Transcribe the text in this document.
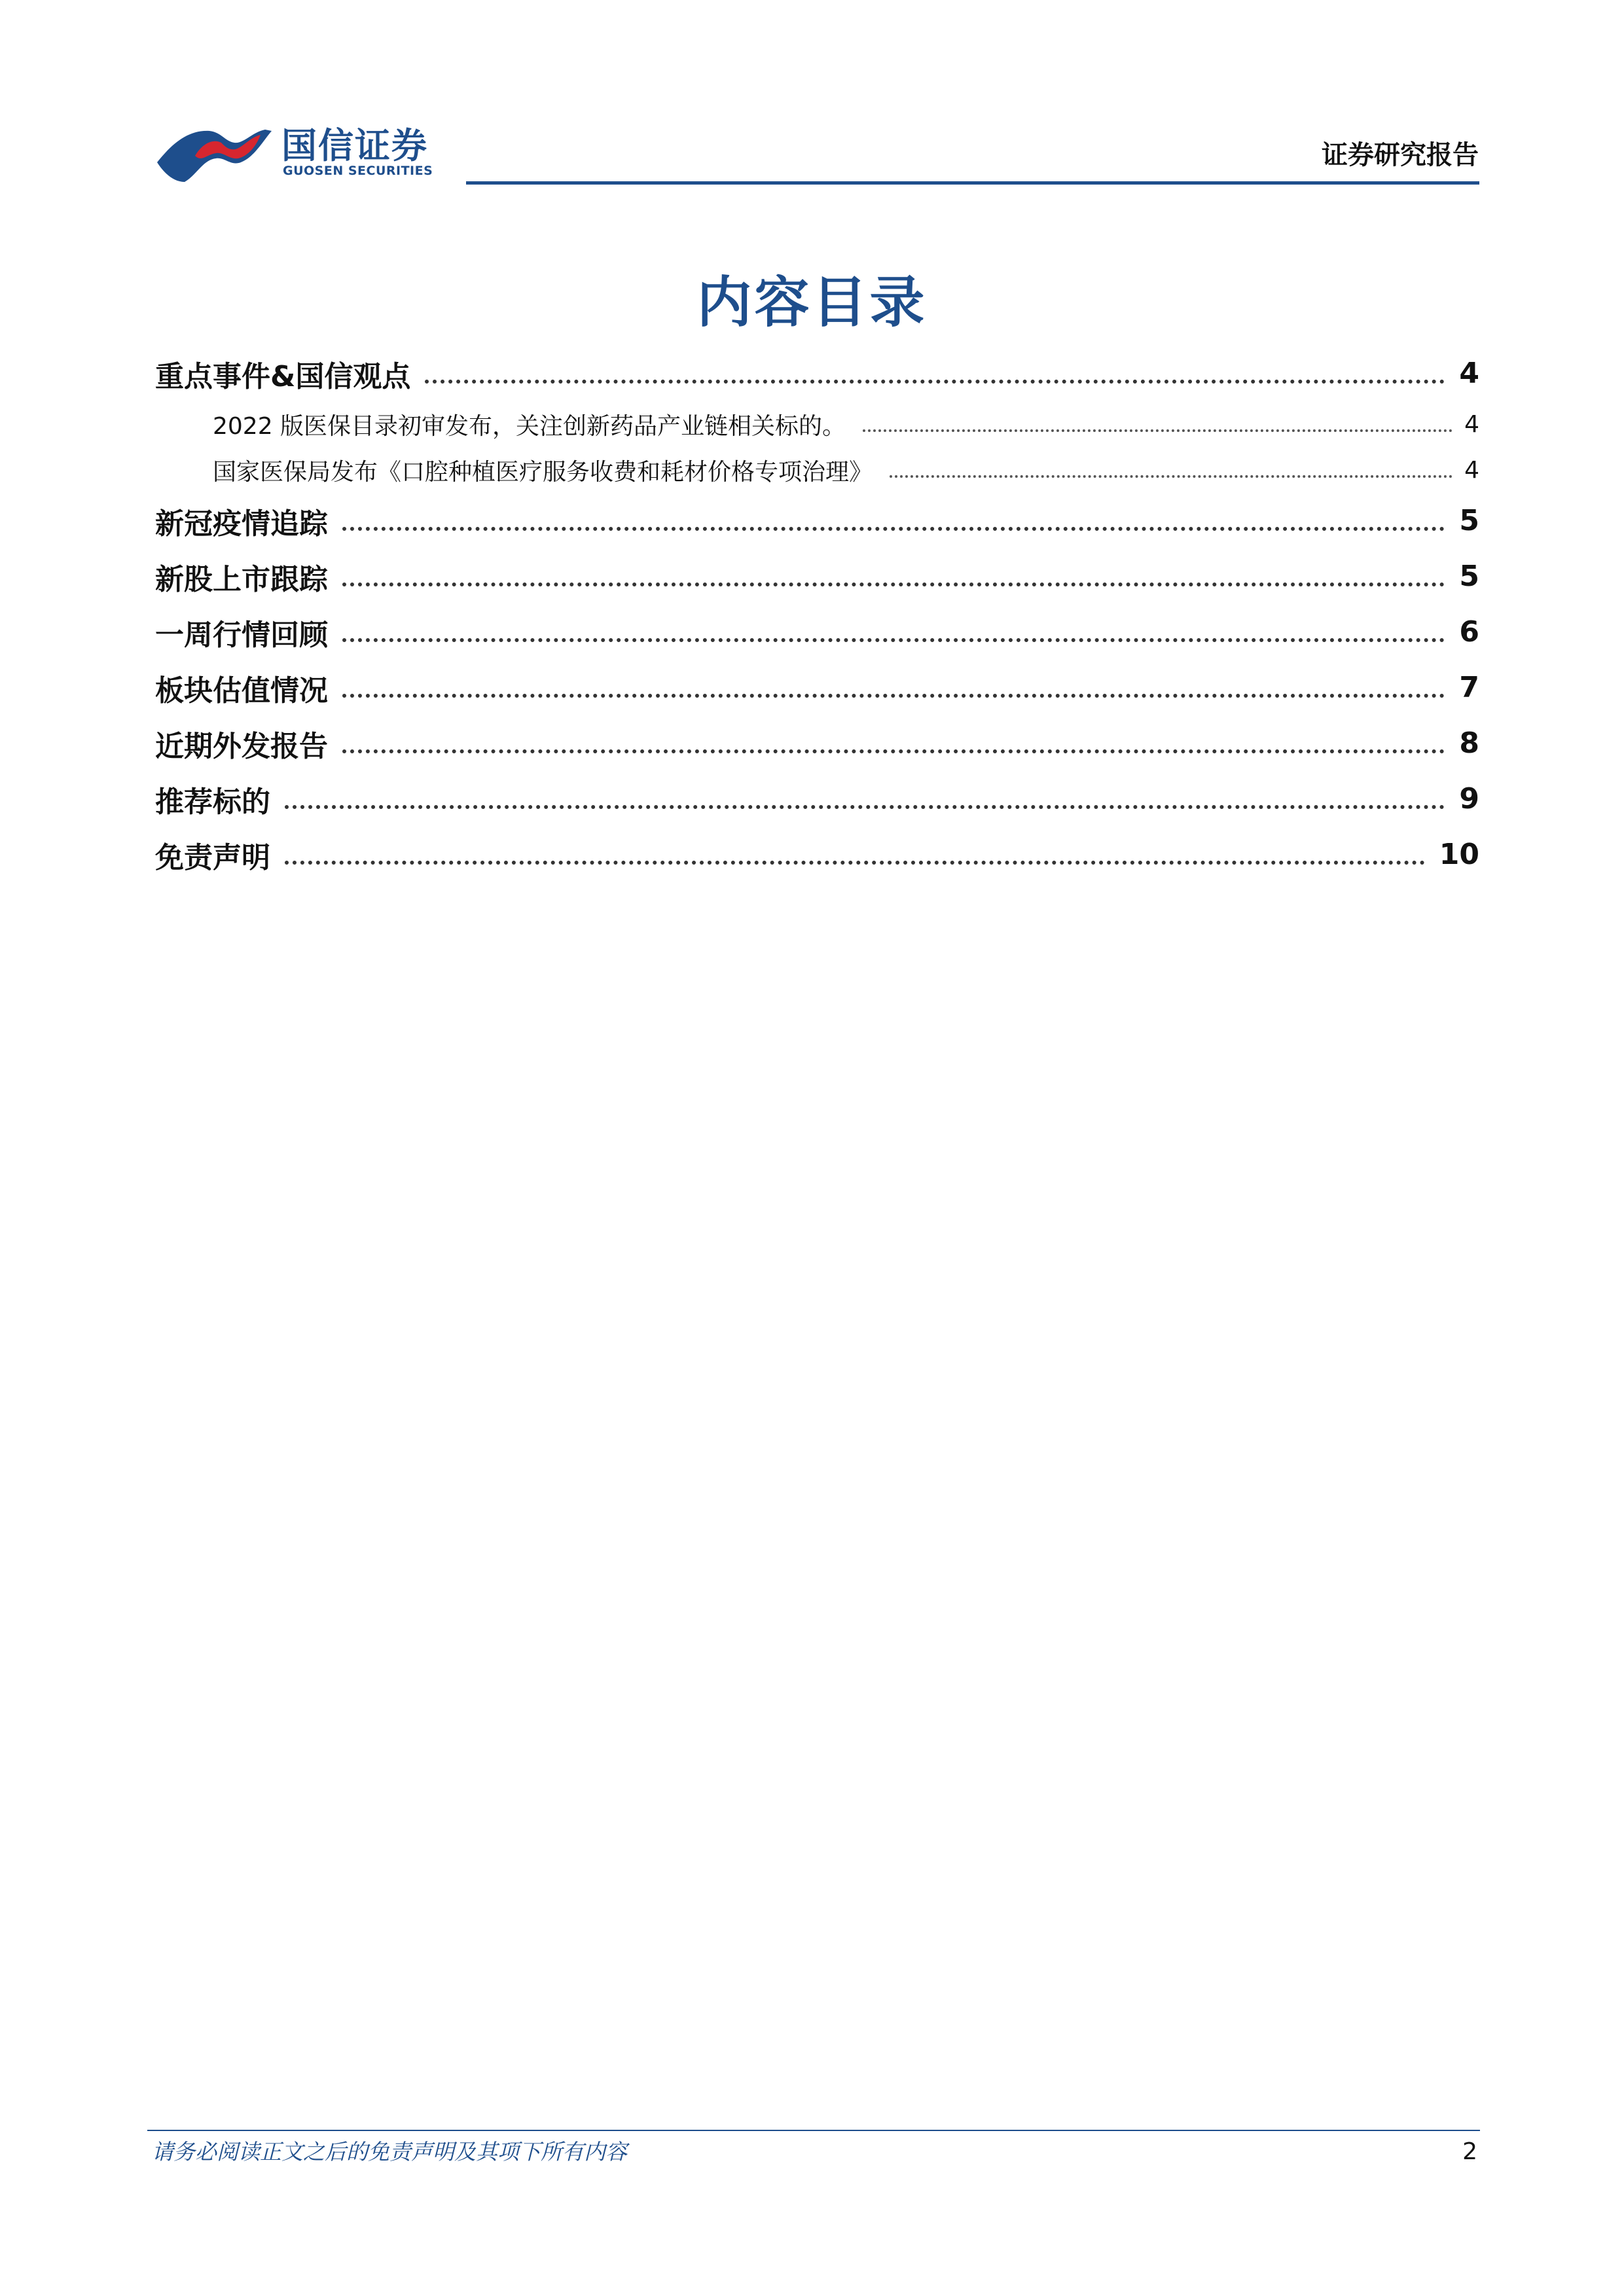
国信证券
GUOSEN SECURITIES
证券研究报告
内容目录
重点事件&国信观点	4
2022 版医保目录初审发布，关注创新药品产业链相关标的。	4
国家医保局发布《口腔种植医疗服务收费和耗材价格专项治理》	4
新冠疫情追踪	5
新股上市跟踪	5
一周行情回顾	6
板块估值情况	7
近期外发报告	8
推荐标的	9
免责声明	10
请务必阅读正文之后的免责声明及其项下所有内容	2
